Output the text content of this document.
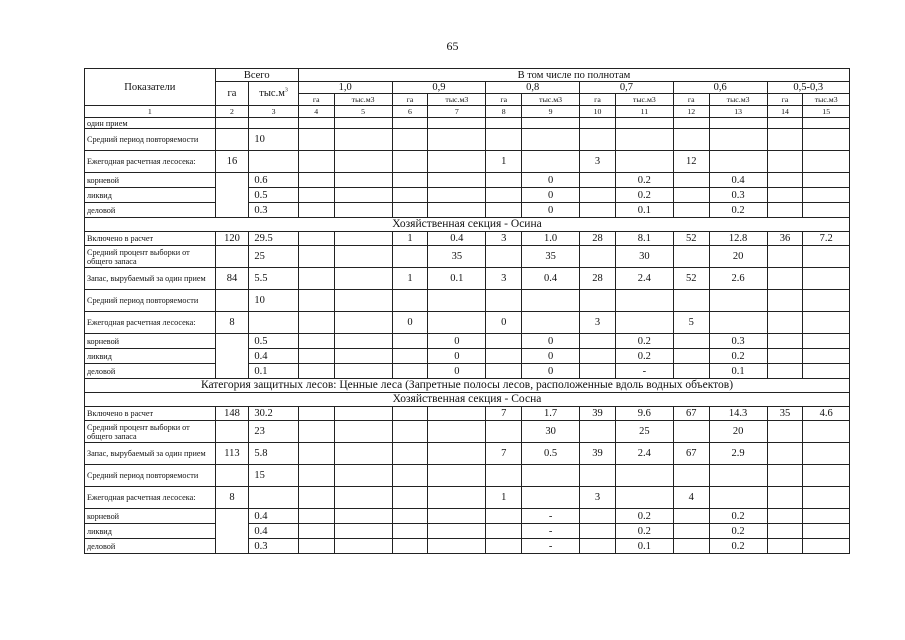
65
Показатели	Всего		В том числе по полнотам											
	га	$тыс.м^3$	1,0		0,9		0,8		0,7		0,6		0,5-0,3	
			га	тыс.м3	га	тыс.м3	га	тыс.м3	га	тыс.м3	га	тыс.м3	га	тыс.м3
1	2	3	4	5	6	7	8	9	10	11	12	13	14	15
один прием														
Средний период повторяемости		10												
Ежегодная расчетная лесосека:	16						1		3		12			
корневой		0.6						0		0.2		0.4		
ликвид		0.5						0		0.2		0.3		
деловой		0.3						0		0.1		0.2		
Хозяйственная секция - Осина														
Включено в расчет	120	29.5			1	0.4	3	1.0	28	8.1	52	12.8	36	7.2
Средний процент выборки от общего запаса		25				35		35		30		20		
Запас, вырубаемый за один прием	84	5.5			1	0.1	3	0.4	28	2.4	52	2.6		
Средний период повторяемости		10												
Ежегодная расчетная лесосека:	8				0		0		3		5			
корневой		0.5				0		0		0.2		0.3		
ликвид		0.4				0		0		0.2		0.2		
деловой		0.1				0		0		-		0.1		
Категория защитных лесов: Ценные леса (Запретные полосы лесов, расположенные вдоль водных объектов)														
Хозяйственная секция - Сосна														
Включено в расчет	148	30.2					7	1.7	39	9.6	67	14.3	35	4.6
Средний процент выборки от общего запаса		23						30		25		20		
Запас, вырубаемый за один прием	113	5.8					7	0.5	39	2.4	67	2.9		
Средний период повторяемости		15												
Ежегодная расчетная лесосека:	8						1		3		4			
корневой		0.4						-		0.2		0.2		
ликвид		0.4						-		0.2		0.2		
деловой		0.3						-		0.1		0.2		
